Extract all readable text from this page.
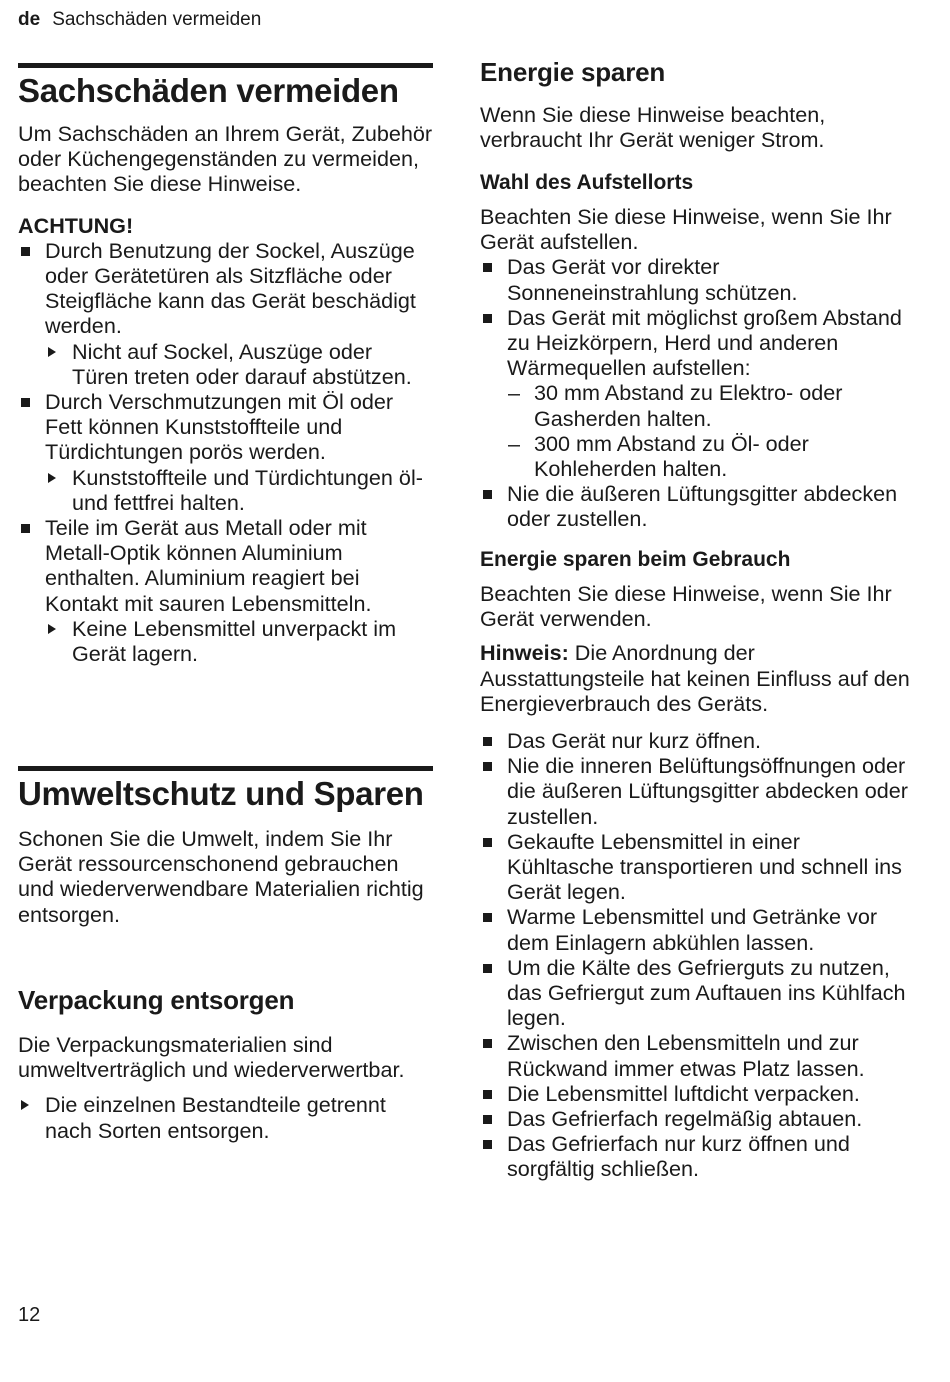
de Sachschäden vermeiden
Sachschäden vermeiden
Um Sachschäden an Ihrem Gerät, Zubehör oder Küchengegenständen zu vermeiden, beachten Sie diese Hinweise.
ACHTUNG!
Durch Benutzung der Sockel, Auszüge oder Gerätetüren als Sitzfläche oder Steigfläche kann das Gerät beschädigt werden.
Nicht auf Sockel, Auszüge oder Türen treten oder darauf abstützen.
Durch Verschmutzungen mit Öl oder Fett können Kunststoffteile und Türdichtungen porös werden.
Kunststoffteile und Türdichtungen öl- und fettfrei halten.
Teile im Gerät aus Metall oder mit Metall-Optik können Aluminium enthalten. Aluminium reagiert bei Kontakt mit sauren Lebensmitteln.
Keine Lebensmittel unverpackt im Gerät lagern.
Umweltschutz und Sparen
Schonen Sie die Umwelt, indem Sie Ihr Gerät ressourcenschonend gebrauchen und wiederverwendbare Materialien richtig entsorgen.
Verpackung entsorgen
Die Verpackungsmaterialien sind umweltverträglich und wiederverwertbar.
Die einzelnen Bestandteile getrennt nach Sorten entsorgen.
Energie sparen
Wenn Sie diese Hinweise beachten, verbraucht Ihr Gerät weniger Strom.
Wahl des Aufstellorts
Beachten Sie diese Hinweise, wenn Sie Ihr Gerät aufstellen.
Das Gerät vor direkter Sonneneinstrahlung schützen.
Das Gerät mit möglichst großem Abstand zu Heizkörpern, Herd und anderen Wärmequellen aufstellen:
– 30 mm Abstand zu Elektro- oder Gasherden halten.
– 300 mm Abstand zu Öl- oder Kohleherden halten.
Nie die äußeren Lüftungsgitter abdecken oder zustellen.
Energie sparen beim Gebrauch
Beachten Sie diese Hinweise, wenn Sie Ihr Gerät verwenden.
Hinweis: Die Anordnung der Ausstattungsteile hat keinen Einfluss auf den Energieverbrauch des Geräts.
Das Gerät nur kurz öffnen.
Nie die inneren Belüftungsöffnungen oder die äußeren Lüftungsgitter abdecken oder zustellen.
Gekaufte Lebensmittel in einer Kühltasche transportieren und schnell ins Gerät legen.
Warme Lebensmittel und Getränke vor dem Einlagern abkühlen lassen.
Um die Kälte des Gefrierguts zu nutzen, das Gefriergut zum Auftauen ins Kühlfach legen.
Zwischen den Lebensmitteln und zur Rückwand immer etwas Platz lassen.
Die Lebensmittel luftdicht verpacken.
Das Gefrierfach regelmäßig abtauen.
Das Gefrierfach nur kurz öffnen und sorgfältig schließen.
12
